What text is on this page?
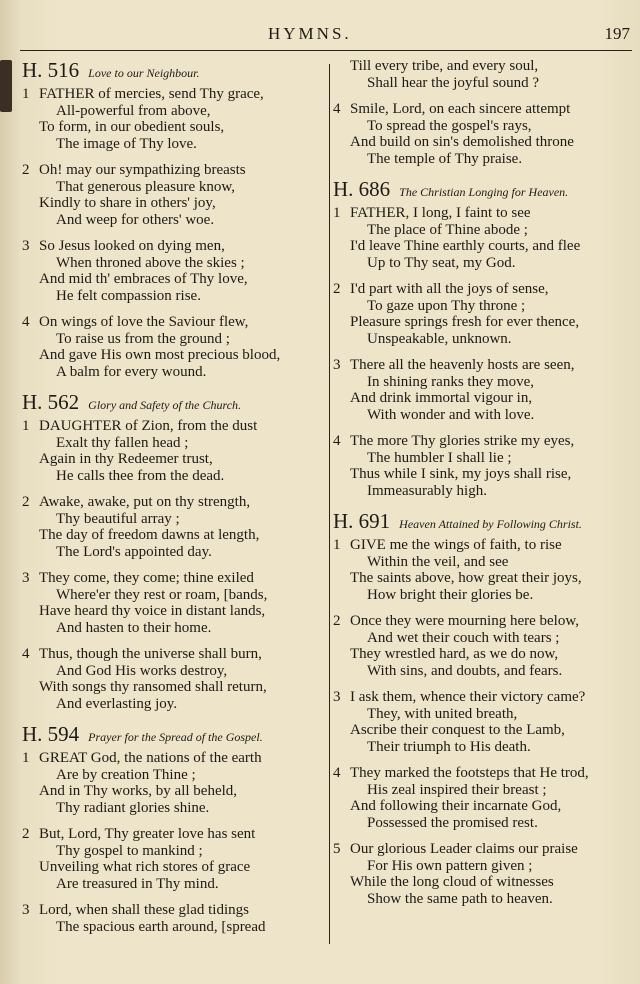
HYMNS.	197
H. 516 Love to our Neighbour.
1 FATHER of mercies, send Thy grace,
All-powerful from above,
To form, in our obedient souls,
The image of Thy love.
2 Oh! may our sympathizing breasts
That generous pleasure know,
Kindly to share in others' joy,
And weep for others' woe.
3 So Jesus looked on dying men,
When throned above the skies ;
And mid th' embraces of Thy love,
He felt compassion rise.
4 On wings of love the Saviour flew,
To raise us from the ground ;
And gave His own most precious blood,
A balm for every wound.
H. 562 Glory and Safety of the Church.
1 DAUGHTER of Zion, from the dust
Exalt thy fallen head ;
Again in thy Redeemer trust,
He calls thee from the dead.
2 Awake, awake, put on thy strength,
Thy beautiful array ;
The day of freedom dawns at length,
The Lord's appointed day.
3 They come, they come; thine exiled
Where'er they rest or roam, [bands,
Have heard thy voice in distant lands,
And hasten to their home.
4 Thus, though the universe shall burn,
And God His works destroy,
With songs thy ransomed shall return,
And everlasting joy.
H. 594 Prayer for the Spread of the Gospel.
1 GREAT God, the nations of the earth
Are by creation Thine ;
And in Thy works, by all beheld,
Thy radiant glories shine.
2 But, Lord, Thy greater love has sent
Thy gospel to mankind ;
Unveiling what rich stores of grace
Are treasured in Thy mind.
3 Lord, when shall these glad tidings
The spacious earth around, [spread
Till every tribe, and every soul,
Shall hear the joyful sound ?
4 Smile, Lord, on each sincere attempt
To spread the gospel's rays,
And build on sin's demolished throne
The temple of Thy praise.
H. 686 The Christian Longing for Heaven.
1 FATHER, I long, I faint to see
The place of Thine abode ;
I'd leave Thine earthly courts, and flee
Up to Thy seat, my God.
2 I'd part with all the joys of sense,
To gaze upon Thy throne ;
Pleasure springs fresh for ever thence,
Unspeakable, unknown.
3 There all the heavenly hosts are seen,
In shining ranks they move,
And drink immortal vigour in,
With wonder and with love.
4 The more Thy glories strike my eyes,
The humbler I shall lie ;
Thus while I sink, my joys shall rise,
Immeasurably high.
H. 691 Heaven Attained by Following Christ.
1 GIVE me the wings of faith, to rise
Within the veil, and see
The saints above, how great their joys,
How bright their glories be.
2 Once they were mourning here below,
And wet their couch with tears ;
They wrestled hard, as we do now,
With sins, and doubts, and fears.
3 I ask them, whence their victory came?
They, with united breath,
Ascribe their conquest to the Lamb,
Their triumph to His death.
4 They marked the footsteps that He trod,
His zeal inspired their breast ;
And following their incarnate God,
Possessed the promised rest.
5 Our glorious Leader claims our praise
For His own pattern given ;
While the long cloud of witnesses
Show the same path to heaven.
